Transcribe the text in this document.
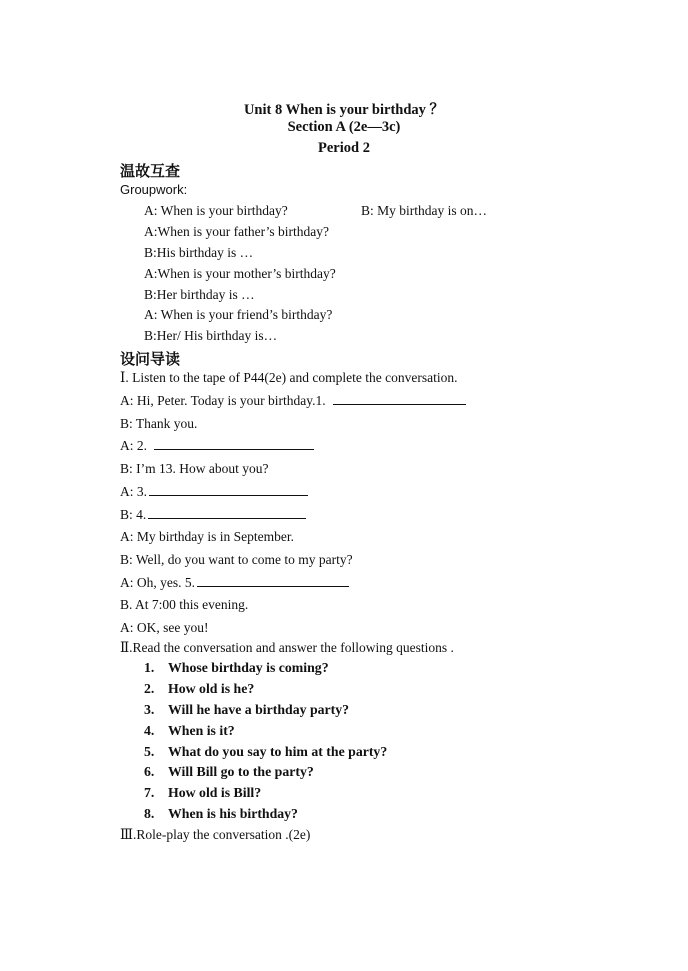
Unit 8 When is your birthday ？
Section A (2e—3c)
Period 2
温故互查
Groupwork:
A: When is your birthday?	B: My birthday is on…
A:When is your father’s birthday?
B:His birthday is …
A:When is your mother’s birthday?
B:Her birthday is …
A: When is your friend’s birthday?
B:Her/ His birthday is…
设问导读
Ⅰ. Listen to the tape of P44(2e) and complete the conversation.
A: Hi, Peter. Today is your birthday.1.
B: Thank you.
A: 2.
B: I’m 13. How about you?
A: 3.
B: 4.
A: My birthday is in September.
B: Well, do you want to come to my party?
A: Oh, yes. 5.
B. At 7:00 this evening.
A: OK, see you!
Ⅱ.Read the conversation and answer the following questions .
1. Whose birthday is coming?
2. How old is he?
3. Will he have a birthday party?
4. When is it?
5. What do you say to him at the party?
6. Will Bill go to the party?
7. How old is Bill?
8. When is his birthday?
Ⅲ.Role-play the conversation .(2e)
